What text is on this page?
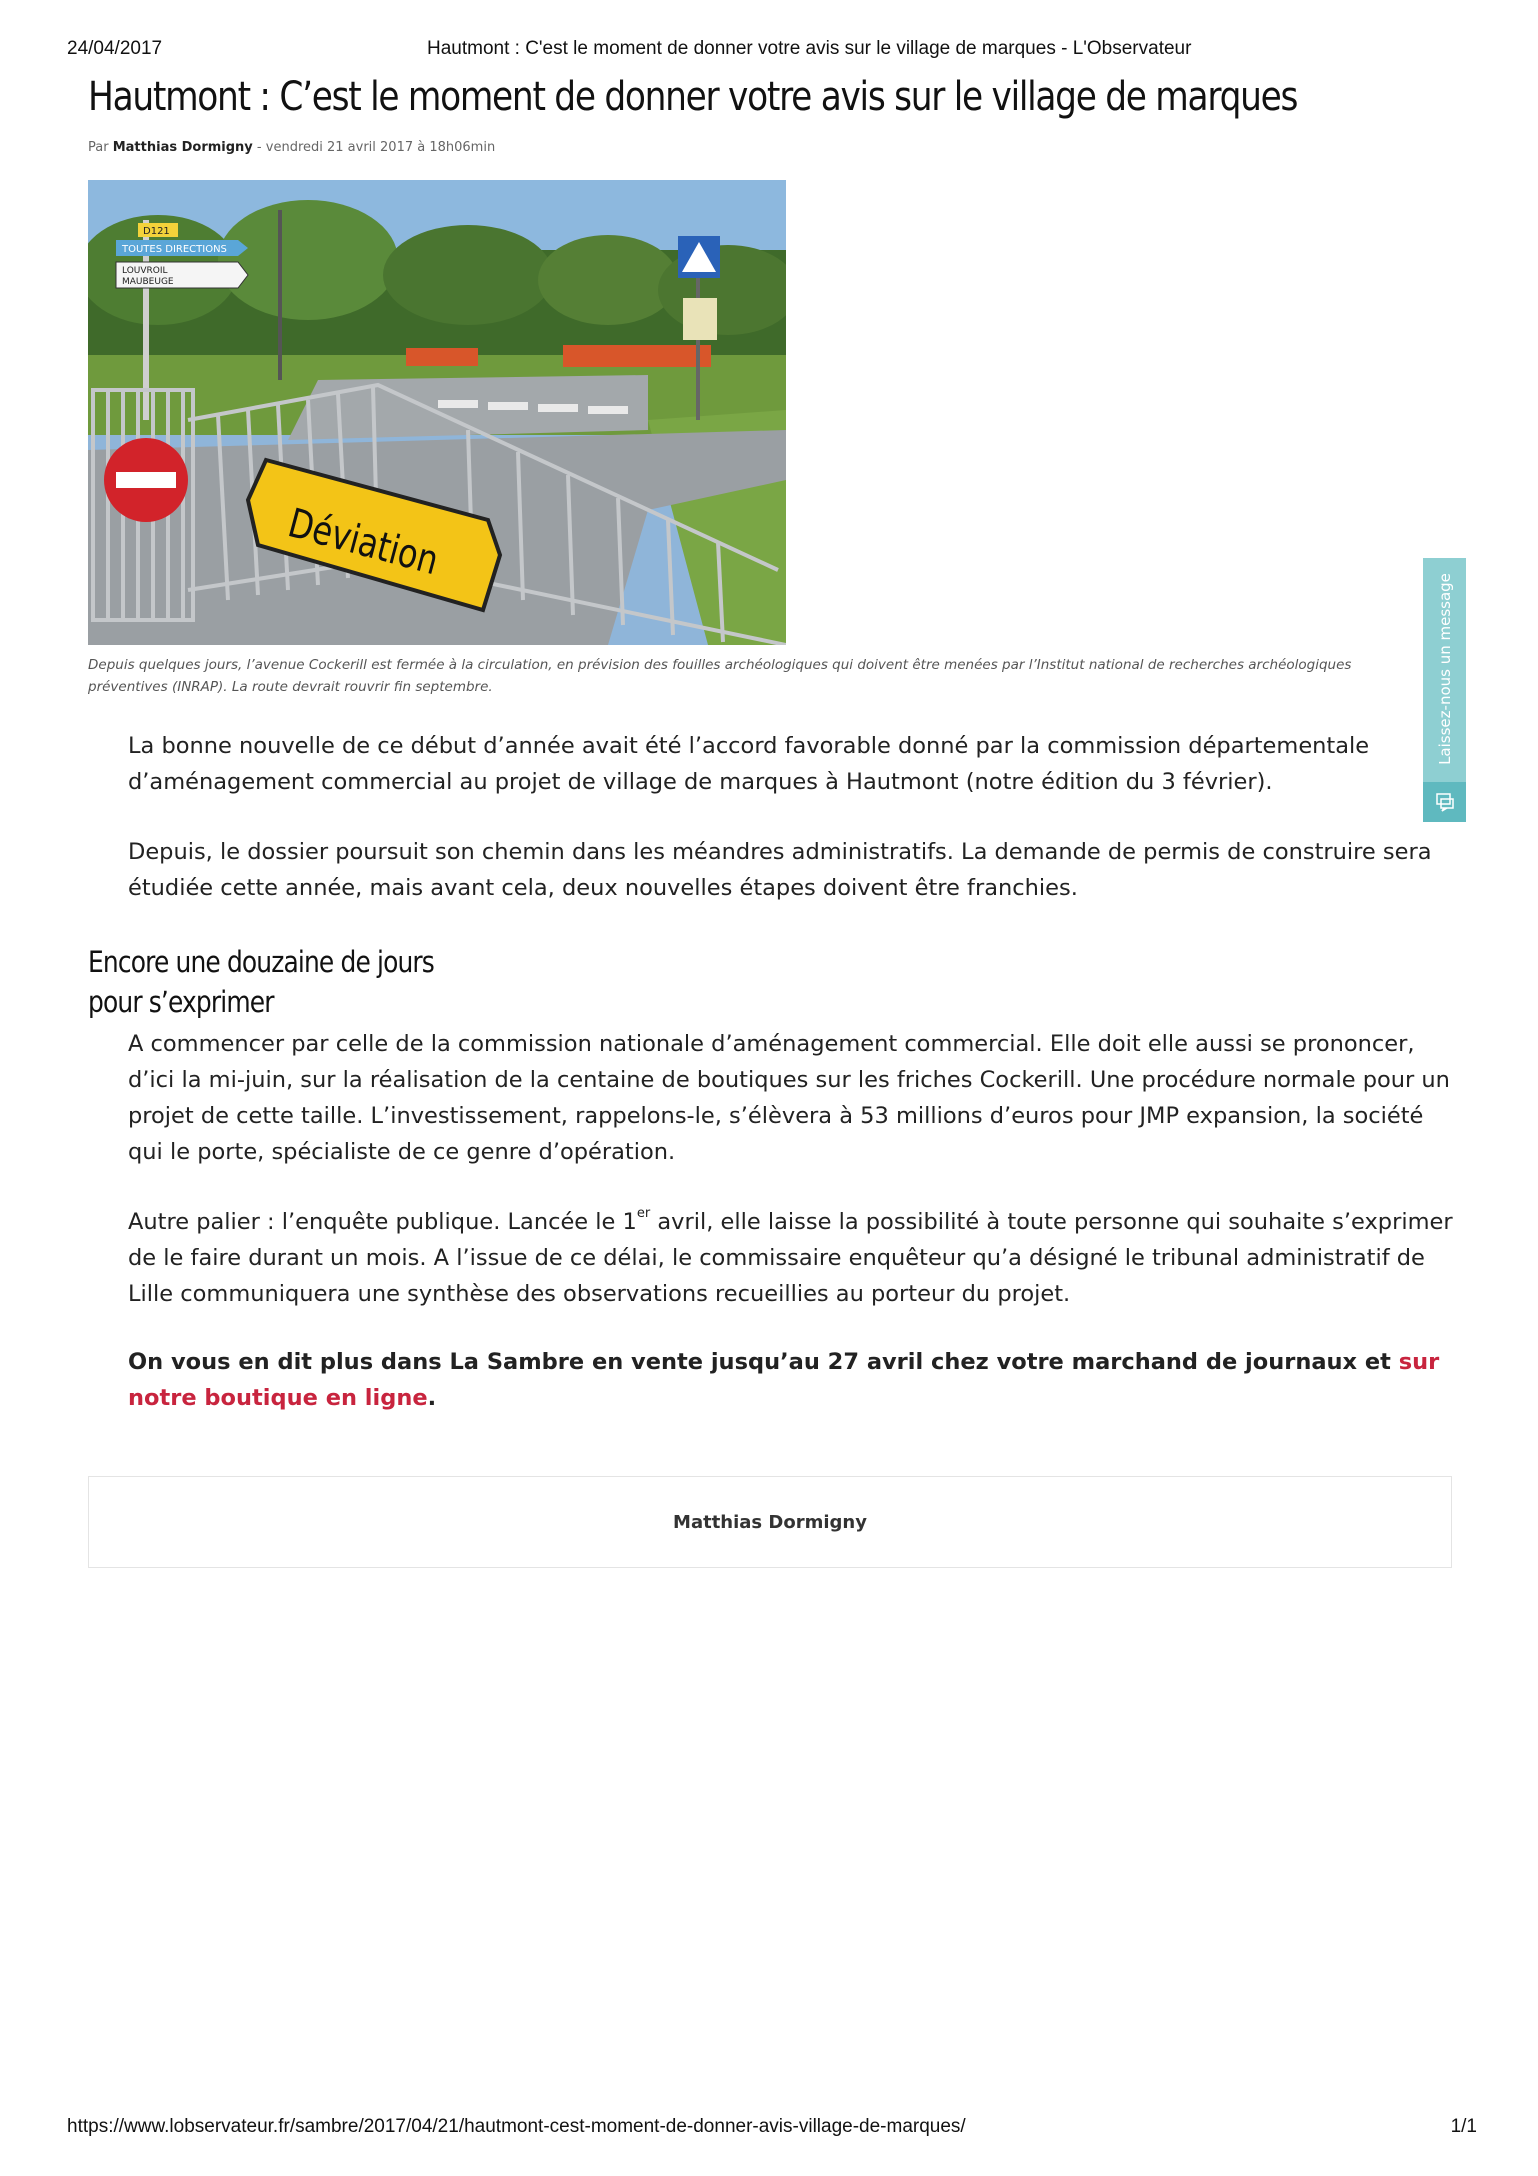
24/04/2017	Hautmont : C'est le moment de donner votre avis sur le village de marques - L'Observateur
Hautmont : C’est le moment de donner votre avis sur le village de marques
Par Matthias Dormigny - vendredi 21 avril 2017 à 18h06min
D121
TOUTES DIRECTIONS
LOUVROIL
MAUBEUGE
Déviation
Depuis quelques jours, l’avenue Cockerill est fermée à la circulation, en prévision des fouilles archéologiques qui doivent être menées par l’Institut national de recherches archéologiques préventives (INRAP). La route devrait rouvrir fin septembre.

La bonne nouvelle de ce début d’année avait été l’accord favorable donné par la commission départementale d’aménagement commercial au projet de village de marques à Hautmont (notre édition du 3 février).

Depuis, le dossier poursuit son chemin dans les méandres administratifs. La demande de permis de construire sera étudiée cette année, mais avant cela, deux nouvelles étapes doivent être franchies.

Encore une douzaine de jours
pour s’exprimer

A commencer par celle de la commission nationale d’aménagement commercial. Elle doit elle aussi se prononcer, d’ici la mi-juin, sur la réalisation de la centaine de boutiques sur les friches Cockerill. Une procédure normale pour un projet de cette taille. L’investissement, rappelons-le, s’élèvera à 53 millions d’euros pour JMP expansion, la société qui le porte, spécialiste de ce genre d’opération.

Autre palier : l’enquête publique. Lancée le 1er avril, elle laisse la possibilité à toute personne qui souhaite s’exprimer de le faire durant un mois. A l’issue de ce délai, le commissaire enquêteur qu’a désigné le tribunal administratif de Lille communiquera une synthèse des observations recueillies au porteur du projet.

On vous en dit plus dans La Sambre en vente jusqu’au 27 avril chez votre marchand de journaux et sur notre boutique en ligne.

Matthias Dormigny
Laissez-nous un message
https://www.lobservateur.fr/sambre/2017/04/21/hautmont-cest-moment-de-donner-avis-village-de-marques/	1/1
